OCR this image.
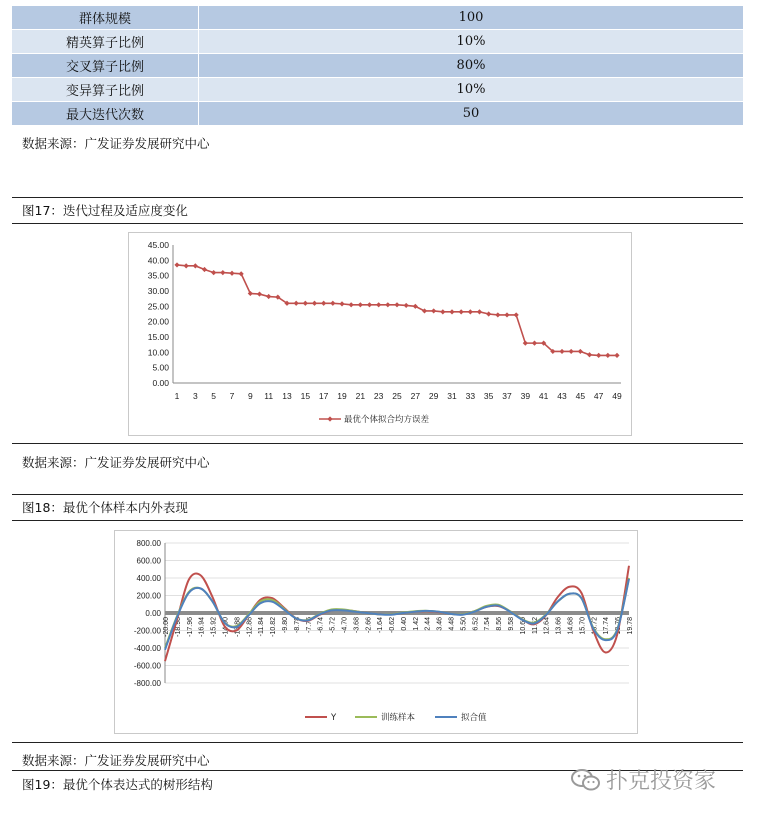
群体规模	100
精英算子比例	10%
交叉算子比例	80%
变异算子比例	10%
最大迭代次数	50
数据来源：广发证券发展研究中心
图17：迭代过程及适应度变化
0.00
5.00
10.00
15.00
20.00
25.00
30.00
35.00
40.00
45.00
1 3 5 7 9 11 13 15 17 19 21 23 25 27 29 31 33 35 37 39 41 43 45 47 49
最优个体拟合均方误差
数据来源：广发证券发展研究中心
图18：最优个体样本内外表现
-800.00
-600.00
-400.00
-200.00
0.00
200.00
400.00
600.00
800.00
-20.00 -18.98 -17.96 -16.94 -15.92 -14.90 -13.88 -12.86 -11.84 -10.82 -9.80 -8.78 -7.76 -6.74 -5.72 -4.70 -3.68 -2.66 -1.64 -0.62 0.40 1.42 2.44 3.46 4.48 5.50 6.52 7.54 8.56 9.58 10.60 11.62 12.64 13.66 14.68 15.70 16.72 17.74 18.76 19.78
Y	训练样本	拟合值
数据来源：广发证券发展研究中心
图19：最优个体表达式的树形结构	扑克投资家
